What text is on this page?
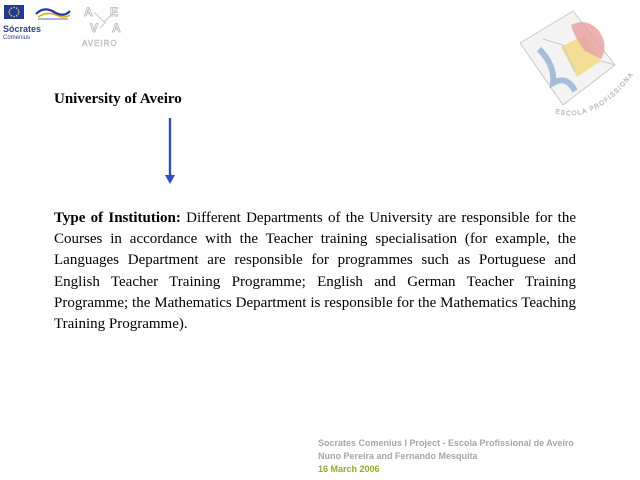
Sócrates
Comenius
A E
V A
AVEIRO
ESCOLA PROFISSIONA
University of Aveiro
Type of Institution: Different Departments of the University are responsible for the Courses in accordance with the Teacher training specialisation (for example, the Languages Department are responsible for programmes such as Portuguese and English Teacher Training Programme; English and German Teacher Training Programme; the Mathematics Department is responsible for the Mathematics Teaching Training Programme).
Socrates Comenius I Project - Escola Profissional de Aveiro
Nuno Pereira and Fernando Mesquita
16 March 2006
